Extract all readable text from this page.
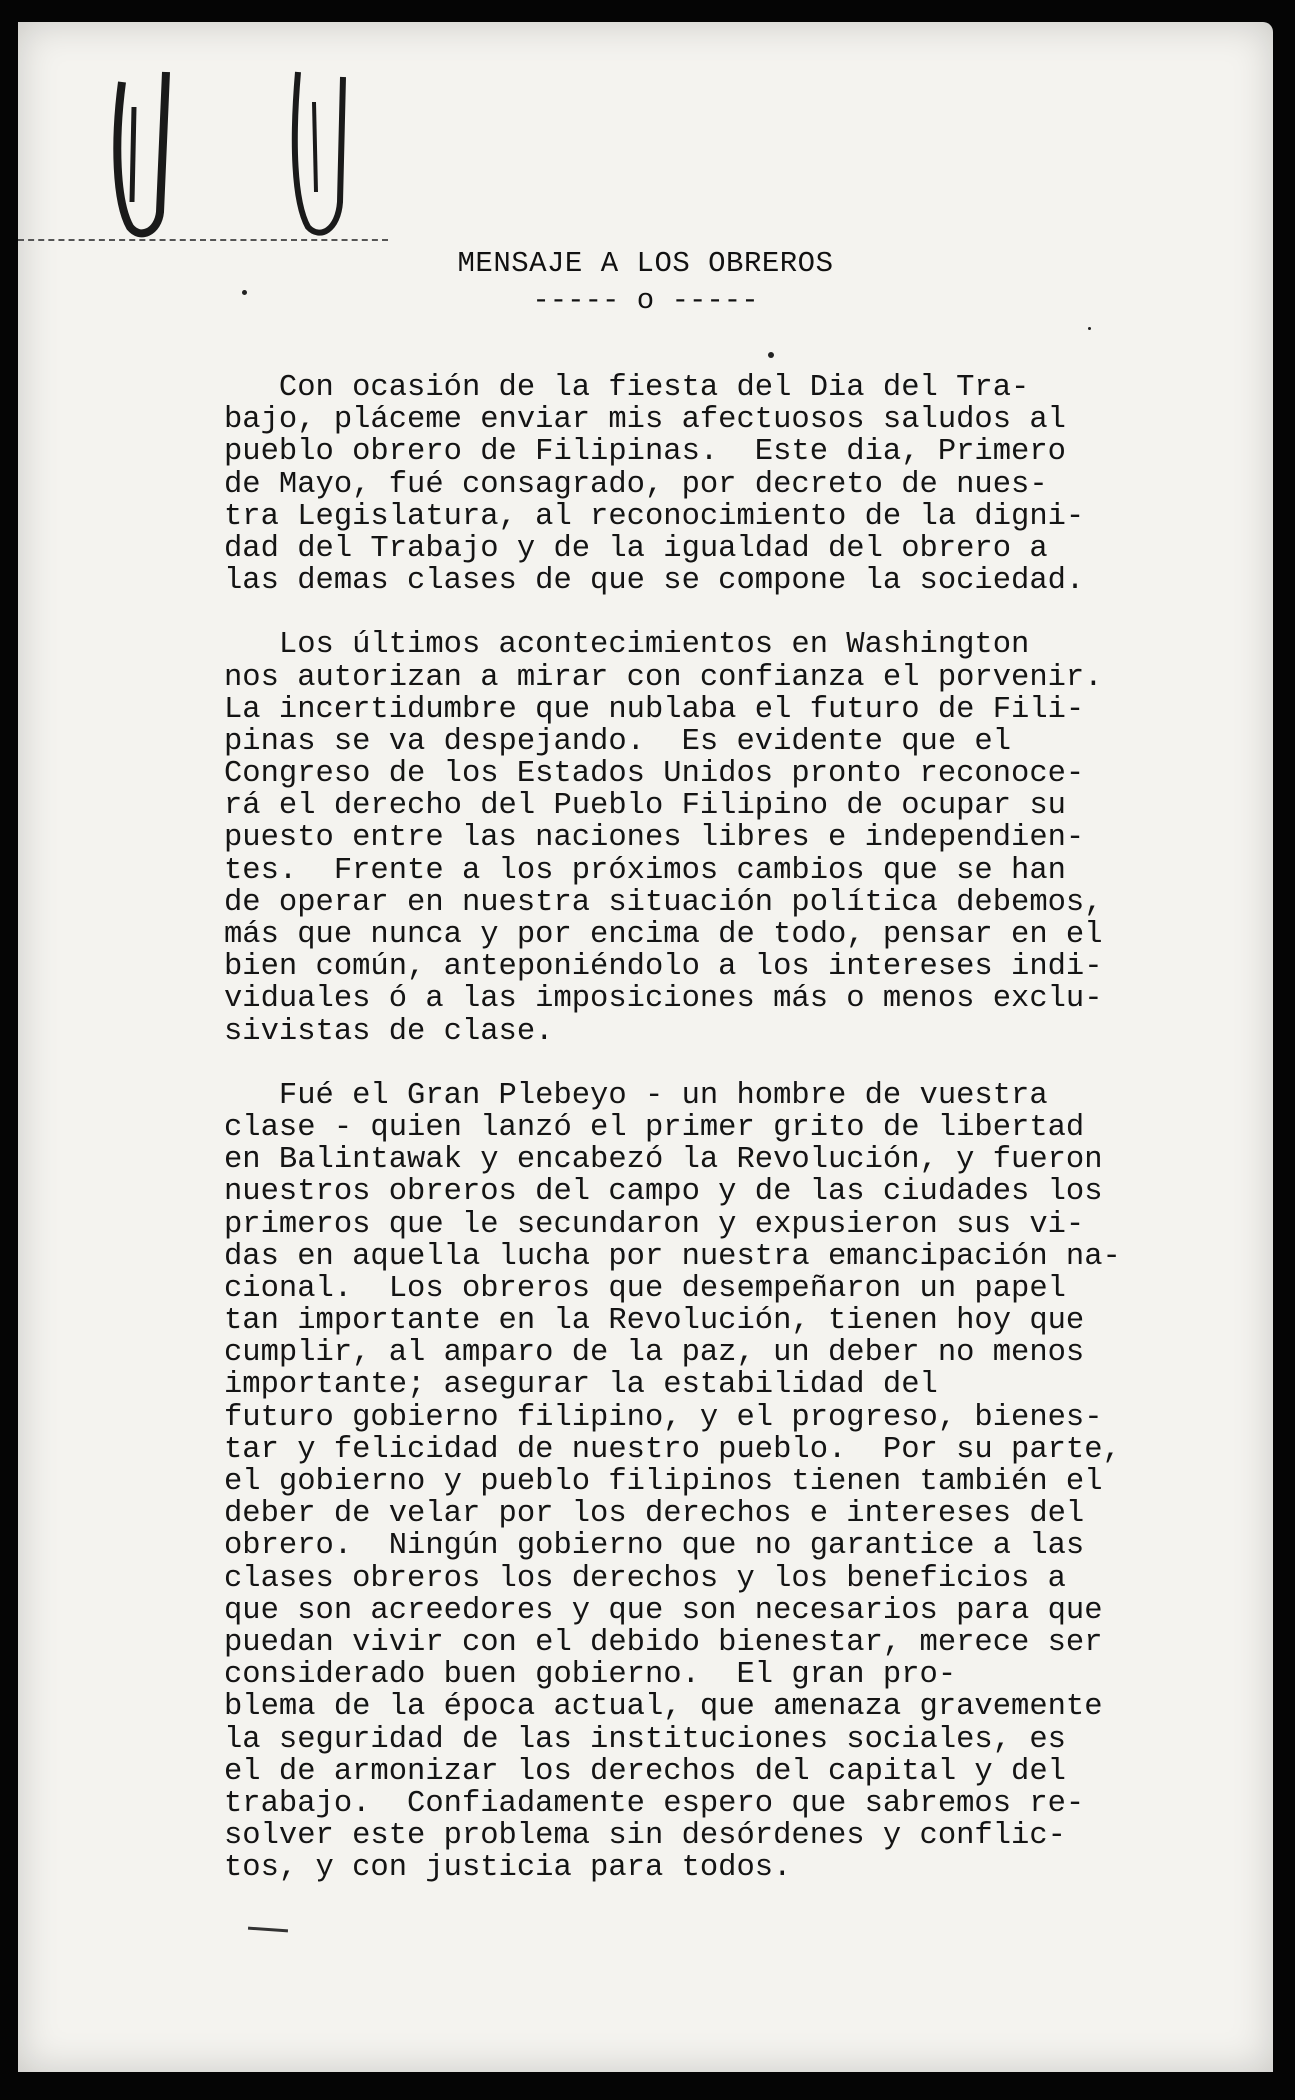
MENSAJE A LOS OBREROS
----- o -----
Con ocasión de la fiesta del Dia del Tra-
bajo, pláceme enviar mis afectuosos saludos al
pueblo obrero de Filipinas.  Este dia, Primero
de Mayo, fué consagrado, por decreto de nues-
tra Legislatura, al reconocimiento de la digni-
dad del Trabajo y de la igualdad del obrero a
las demas clases de que se compone la sociedad.
Los últimos acontecimientos en Washington
nos autorizan a mirar con confianza el porvenir.
La incertidumbre que nublaba el futuro de Fili-
pinas se va despejando.  Es evidente que el
Congreso de los Estados Unidos pronto reconoce-
rá el derecho del Pueblo Filipino de ocupar su
puesto entre las naciones libres e independien-
tes.  Frente a los próximos cambios que se han
de operar en nuestra situación política debemos,
más que nunca y por encima de todo, pensar en el
bien común, anteponiéndolo a los intereses indi-
viduales ó a las imposiciones más o menos exclu-
sivistas de clase.
Fué el Gran Plebeyo - un hombre de vuestra
clase - quien lanzó el primer grito de libertad
en Balintawak y encabezó la Revolución, y fueron
nuestros obreros del campo y de las ciudades los
primeros que le secundaron y expusieron sus vi-
das en aquella lucha por nuestra emancipación na-
cional.  Los obreros que desempeñaron un papel
tan importante en la Revolución, tienen hoy que
cumplir, al amparo de la paz, un deber no menos
importante; asegurar la estabilidad del
futuro gobierno filipino, y el progreso, bienes-
tar y felicidad de nuestro pueblo.  Por su parte,
el gobierno y pueblo filipinos tienen también el
deber de velar por los derechos e intereses del
obrero.  Ningún gobierno que no garantice a las
clases obreros los derechos y los beneficios a
que son acreedores y que son necesarios para que
puedan vivir con el debido bienestar, merece ser
considerado buen gobierno.  El gran pro-
blema de la época actual, que amenaza gravemente
la seguridad de las instituciones sociales, es
el de armonizar los derechos del capital y del
trabajo.  Confiadamente espero que sabremos re-
solver este problema sin desórdenes y conflic-
tos, y con justicia para todos.
